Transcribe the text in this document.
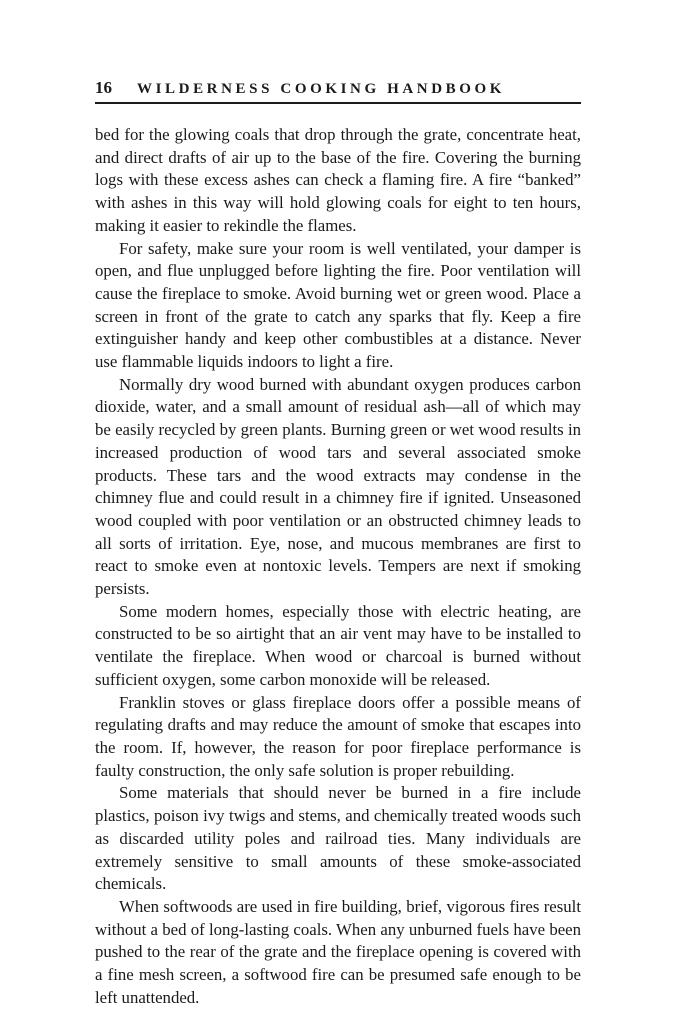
16	WILDERNESS COOKING HANDBOOK

bed for the glowing coals that drop through the grate, concentrate heat, and direct drafts of air up to the base of the fire. Covering the burning logs with these excess ashes can check a flaming fire. A fire “banked” with ashes in this way will hold glowing coals for eight to ten hours, making it easier to rekindle the flames.

For safety, make sure your room is well ventilated, your damper is open, and flue unplugged before lighting the fire. Poor ventilation will cause the fireplace to smoke. Avoid burning wet or green wood. Place a screen in front of the grate to catch any sparks that fly. Keep a fire extinguisher handy and keep other combustibles at a distance. Never use flammable liquids indoors to light a fire.

Normally dry wood burned with abundant oxygen produces carbon dioxide, water, and a small amount of residual ash—all of which may be easily recycled by green plants. Burning green or wet wood results in increased production of wood tars and several associated smoke products. These tars and the wood extracts may condense in the chimney flue and could result in a chimney fire if ignited. Unseasoned wood coupled with poor ventilation or an obstructed chimney leads to all sorts of irritation. Eye, nose, and mucous membranes are first to react to smoke even at nontoxic levels. Tempers are next if smoking persists.

Some modern homes, especially those with electric heating, are constructed to be so airtight that an air vent may have to be installed to ventilate the fireplace. When wood or charcoal is burned without sufficient oxygen, some carbon monoxide will be released.

Franklin stoves or glass fireplace doors offer a possible means of regulating drafts and may reduce the amount of smoke that escapes into the room. If, however, the reason for poor fireplace performance is faulty construction, the only safe solution is proper rebuilding.

Some materials that should never be burned in a fire include plastics, poison ivy twigs and stems, and chemically treated woods such as discarded utility poles and railroad ties. Many individuals are extremely sensitive to small amounts of these smoke-associated chemicals.

When softwoods are used in fire building, brief, vigorous fires result without a bed of long-lasting coals. When any unburned fuels have been pushed to the rear of the grate and the fireplace opening is covered with a fine mesh screen, a softwood fire can be presumed safe enough to be left unattended.
